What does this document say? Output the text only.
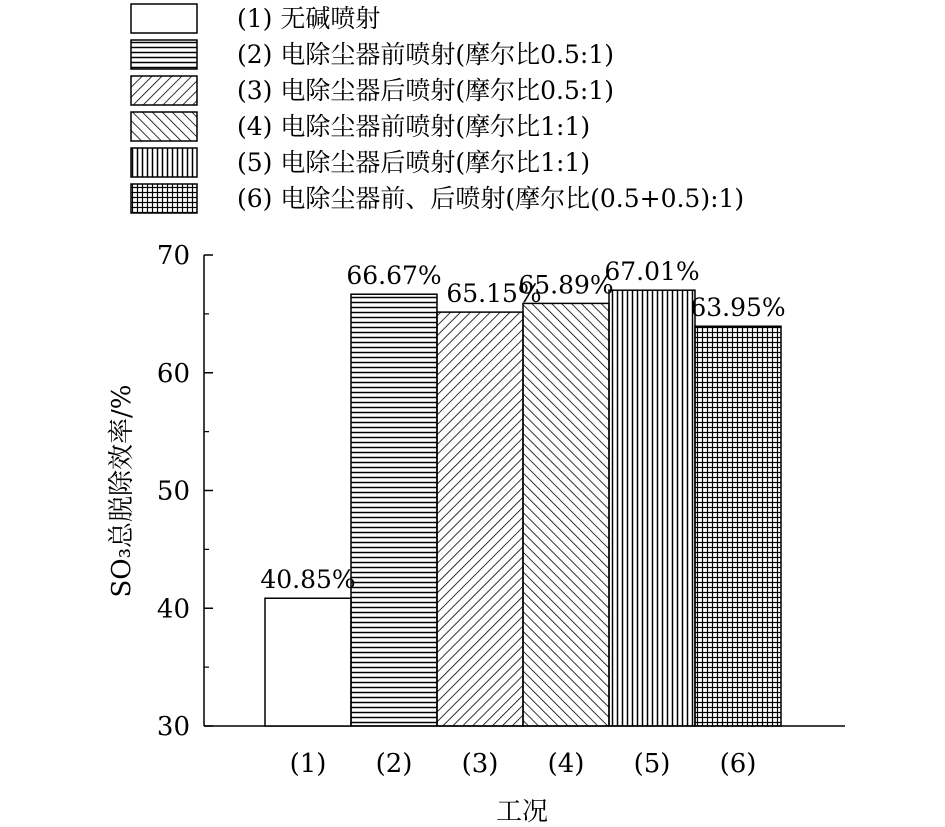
(1) 无碱喷射
(2) 电除尘器前喷射(摩尔比0.5:1)
(3) 电除尘器后喷射(摩尔比0.5:1)
(4) 电除尘器前喷射(摩尔比1:1)
(5) 电除尘器后喷射(摩尔比1:1)
(6) 电除尘器前、后喷射(摩尔比(0.5+0.5):1)
30
40
50
60
70
(1) (2) (3) (4) (5) (6)
40.85%
66.67%
65.15%
65.89%
67.01%
63.95%
工况
SO₃总脱除效率/%
